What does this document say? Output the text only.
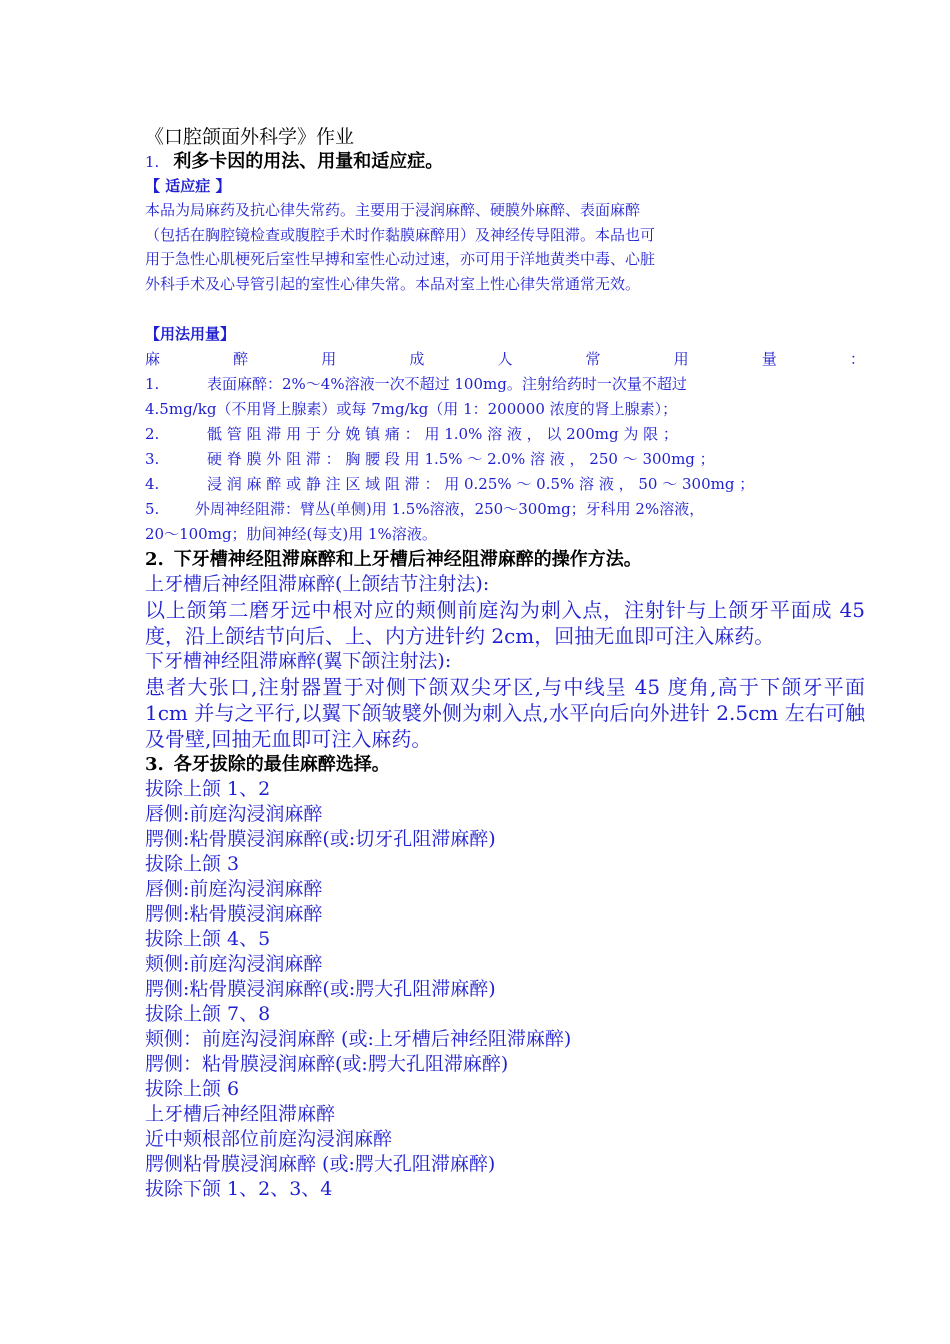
《口腔颌面外科学》作业
1. 利多卡因的用法、用量和适应症。
【 适应症 】

本品为局麻药及抗心律失常药。主要用于浸润麻醉、硬膜外麻醉、表面麻醉

（包括在胸腔镜检查或腹腔手术时作黏膜麻醉用）及神经传导阻滞。本品也可

用于急性心肌梗死后室性早搏和室性心动过速，亦可用于洋地黄类中毒、心脏

外科手术及心导管引起的室性心律失常。本品对室上性心律失常通常无效。

【用法用量】
麻	醉	用	成	人	常	用	量	：
1.	表面麻醉：2%～4%溶液一次不超过 100mg。注射给药时一次量不超过
4.5mg/kg（不用肾上腺素）或每 7mg/kg（用 1：200000 浓度的肾上腺素）；
2.	骶 管 阻 滞 用 于 分 娩 镇 痛 ： 用 1.0% 溶 液 ， 以 200mg 为 限 ；
3.	硬 脊 膜 外 阻 滞 ： 胸 腰 段 用 1.5% ～ 2.0% 溶 液 ， 250 ～ 300mg ；
4.	浸 润 麻 醉 或 静 注 区 域 阻 滞 ： 用 0.25% ～ 0.5% 溶 液 ， 50 ～ 300mg ；
5. 外周神经阻滞：臂丛(单侧)用 1.5%溶液，250～300mg；牙科用 2%溶液，
20～100mg；肋间神经(每支)用 1%溶液。
2. 下牙槽神经阻滞麻醉和上牙槽后神经阻滞麻醉的操作方法。
上牙槽后神经阻滞麻醉(上颌结节注射法):
以上颌第二磨牙远中根对应的颊侧前庭沟为刺入点，注射针与上颌牙平面成 45 度，沿上颌结节向后、上、内方进针约 2cm，回抽无血即可注入麻药。
下牙槽神经阻滞麻醉(翼下颌注射法):
患者大张口,注射器置于对侧下颌双尖牙区,与中线呈 45 度角,高于下颌牙平面 1cm 并与之平行,以翼下颌皱襞外侧为刺入点,水平向后向外进针 2.5cm 左右可触及骨壁,回抽无血即可注入麻药。
3. 各牙拔除的最佳麻醉选择。
拔除上颌 1、2
唇侧:前庭沟浸润麻醉
腭侧:粘骨膜浸润麻醉(或:切牙孔阻滞麻醉)
拔除上颌 3
唇侧:前庭沟浸润麻醉
腭侧:粘骨膜浸润麻醉
拔除上颌 4、5
颊侧:前庭沟浸润麻醉
腭侧:粘骨膜浸润麻醉(或:腭大孔阻滞麻醉)
拔除上颌 7、8
颊侧：前庭沟浸润麻醉 (或:上牙槽后神经阻滞麻醉)
腭侧：粘骨膜浸润麻醉(或:腭大孔阻滞麻醉)
拔除上颌 6
上牙槽后神经阻滞麻醉
近中颊根部位前庭沟浸润麻醉
腭侧粘骨膜浸润麻醉 (或:腭大孔阻滞麻醉)
拔除下颌 1、2、3、4
